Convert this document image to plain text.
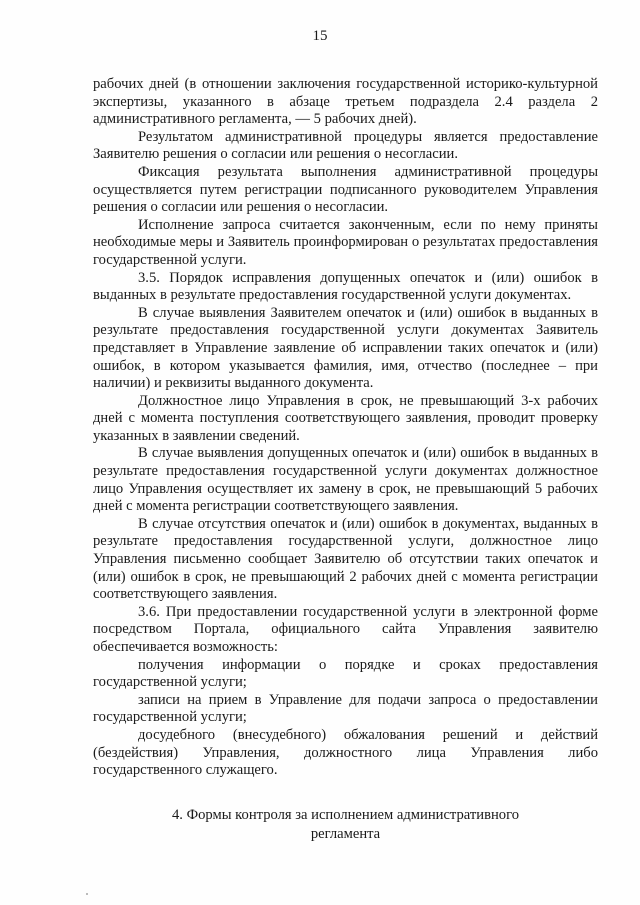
15

рабочих дней (в отношении заключения государственной историко-культурной экспертизы, указанного в абзаце третьем подраздела 2.4 раздела 2 административного регламента, — 5 рабочих дней).

Результатом административной процедуры является предоставление Заявителю решения о согласии или решения о несогласии.

Фиксация результата выполнения административной процедуры осуществляется путем регистрации подписанного руководителем Управления решения о согласии или решения о несогласии.

Исполнение запроса считается законченным, если по нему приняты необходимые меры и Заявитель проинформирован о результатах предоставления государственной услуги.

3.5. Порядок исправления допущенных опечаток и (или) ошибок в выданных в результате предоставления государственной услуги документах.

В случае выявления Заявителем опечаток и (или) ошибок в выданных в результате предоставления государственной услуги документах Заявитель представляет в Управление заявление об исправлении таких опечаток и (или) ошибок, в котором указывается фамилия, имя, отчество (последнее – при наличии) и реквизиты выданного документа.

Должностное лицо Управления в срок, не превышающий 3-х рабочих дней с момента поступления соответствующего заявления, проводит проверку указанных в заявлении сведений.

В случае выявления допущенных опечаток и (или) ошибок в выданных в результате предоставления государственной услуги документах должностное лицо Управления осуществляет их замену в срок, не превышающий 5 рабочих дней с момента регистрации соответствующего заявления.

В случае отсутствия опечаток и (или) ошибок в документах, выданных в результате предоставления государственной услуги, должностное лицо Управления письменно сообщает Заявителю об отсутствии таких опечаток и (или) ошибок в срок, не превышающий 2 рабочих дней с момента регистрации соответствующего заявления.

3.6. При предоставлении государственной услуги в электронной форме посредством Портала, официального сайта Управления заявителю обеспечивается возможность:

получения информации о порядке и сроках предоставления государственной услуги;

записи на прием в Управление для подачи запроса о предоставлении государственной услуги;

досудебного (внесудебного) обжалования решений и действий (бездействия) Управления, должностного лица Управления либо государственного служащего.

4. Формы контроля за исполнением административного
регламента
